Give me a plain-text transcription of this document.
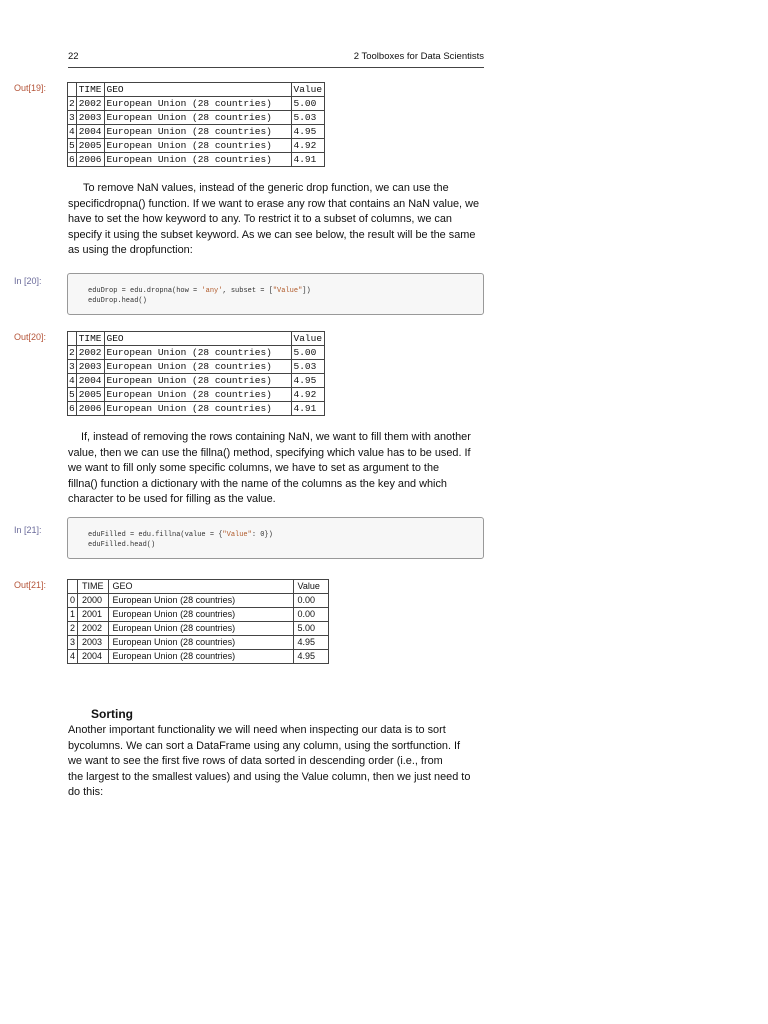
22	2 Toolboxes for Data Scientists
Out[19]:
		TIME	GEO	Value
2	2002	European Union (28 countries)	5.00
3	2003	European Union (28 countries)	5.03
4	2004	European Union (28 countries)	4.95
5	2005	European Union (28 countries)	4.92
6	2006	European Union (28 countries)	4.91

To remove NaN values, instead of the generic drop function, we can use the
specificdropna() function. If we want to erase any row that contains an NaN value, we
have to set the how keyword to any. To restrict it to a subset of columns, we can
specify it using the subset keyword. As we can see below, the result will be the same
as using the dropfunction:

In [20]:
eduDrop = edu.dropna(how = 'any', subset = ["Value"])
eduDrop.head()
Out[20]:
		TIME	GEO	Value
2	2002	European Union (28 countries)	5.00
3	2003	European Union (28 countries)	5.03
4	2004	European Union (28 countries)	4.95
5	2005	European Union (28 countries)	4.92
6	2006	European Union (28 countries)	4.91

If, instead of removing the rows containing NaN, we want to fill them with another
value, then we can use the fillna() method, specifying which value has to be used. If
we want to fill only some specific columns, we have to set as argument to the
fillna() function a dictionary with the name of the columns as the key and which
character to be used for filling as the value.

In [21]:	eduFilled = edu.fillna(value = {"Value": 0})
eduFilled.head()
Out[21]:
		TIME	GEO	Value
0	2000	European Union (28 countries)	0.00
1	2001	European Union (28 countries)	0.00
2	2002	European Union (28 countries)	5.00
3	2003	European Union (28 countries)	4.95
4	2004	European Union (28 countries)	4.95
Sorting

Another important functionality we will need when inspecting our data is to sort
bycolumns. We can sort a DataFrame using any column, using the sortfunction. If
we want to see the first five rows of data sorted in descending order (i.e., from
the largest to the smallest values) and using the Value column, then we just need to
do this:
